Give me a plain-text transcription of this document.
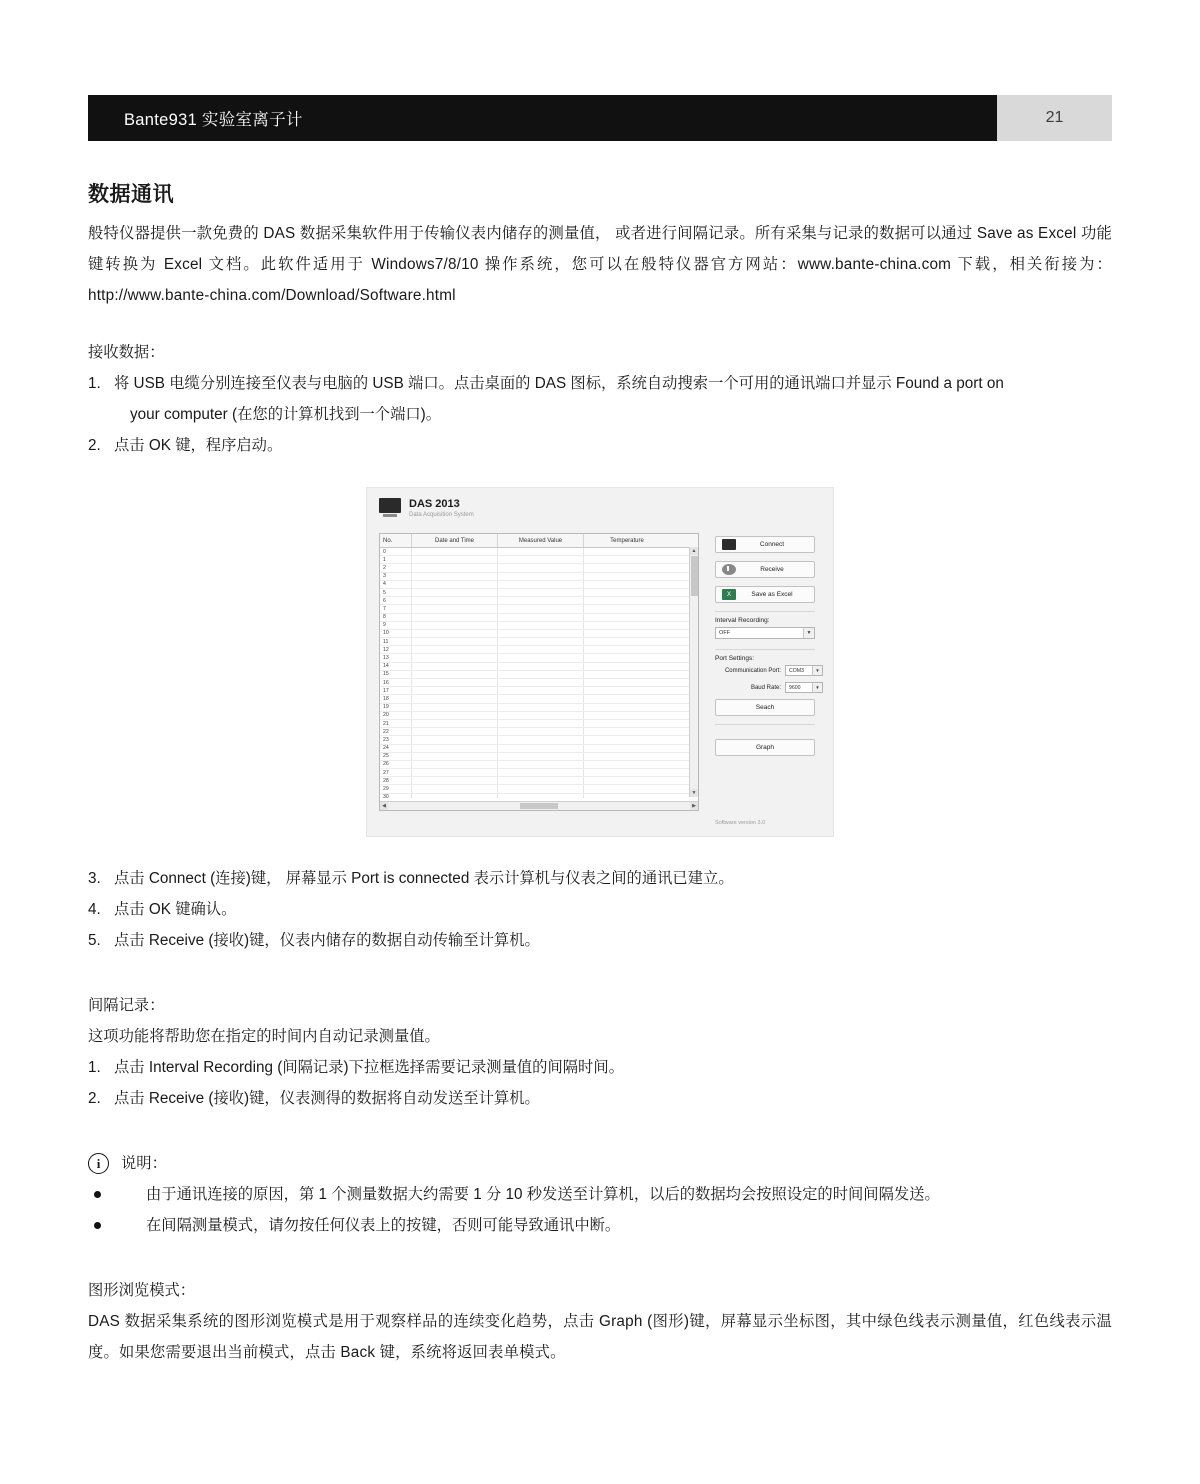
Bante931 实验室离子计	21
数据通讯

般特仪器提供一款免费的 DAS 数据采集软件用于传输仪表内储存的测量值， 或者进行间隔记录。所有采集与记录的数据可以通过 Save as Excel 功能键转换为 Excel 文档。此软件适用于 Windows7/8/10 操作系统，您可以在般特仪器官方网站：www.bante-china.com 下载，相关衔接为：http://www.bante-china.com/Download/Software.html

接收数据：

1. 将 USB 电缆分别连接至仪表与电脑的 USB 端口。点击桌面的 DAS 图标，系统自动搜索一个可用的通讯端口并显示 Found a port on
your computer (在您的计算机找到一个端口)。
2. 点击 OK 键，程序启动。
DAS 2013
Data Acquisition System
No.	Date and Time	Measured Value	Temperature
0
1
2
3
4
5
6
7
8
9
10
11
12
13
14
15
16
17
18
19
20
21
22
23
24
25
26
27
28
29
30
▲
▼
◀	▶
Connect
Receive
X
Save as Excel
Interval Recording:
OFF	▼
Port Settings:
Communication Port: COM3	▼
Baud Rate: 9600	▼
Seach
Graph
Software version 3.0
3. 点击 Connect (连接)键， 屏幕显示 Port is connected 表示计算机与仪表之间的通讯已建立。
4. 点击 OK 键确认。
5. 点击 Receive (接收)键，仪表内储存的数据自动传输至计算机。

间隔记录：

这项功能将帮助您在指定的时间内自动记录测量值。

1. 点击 Interval Recording (间隔记录)下拉框选择需要记录测量值的间隔时间。
2. 点击 Receive (接收)键，仪表测得的数据将自动发送至计算机。
i	说明：
由于通讯连接的原因，第 1 个测量数据大约需要 1 分 10 秒发送至计算机，以后的数据均会按照设定的时间间隔发送。
在间隔测量模式，请勿按任何仪表上的按键，否则可能导致通讯中断。

图形浏览模式：

DAS 数据采集系统的图形浏览模式是用于观察样品的连续变化趋势，点击 Graph (图形)键，屏幕显示坐标图，其中绿色线表示测量值，红色线表示温度。如果您需要退出当前模式，点击 Back 键，系统将返回表单模式。
